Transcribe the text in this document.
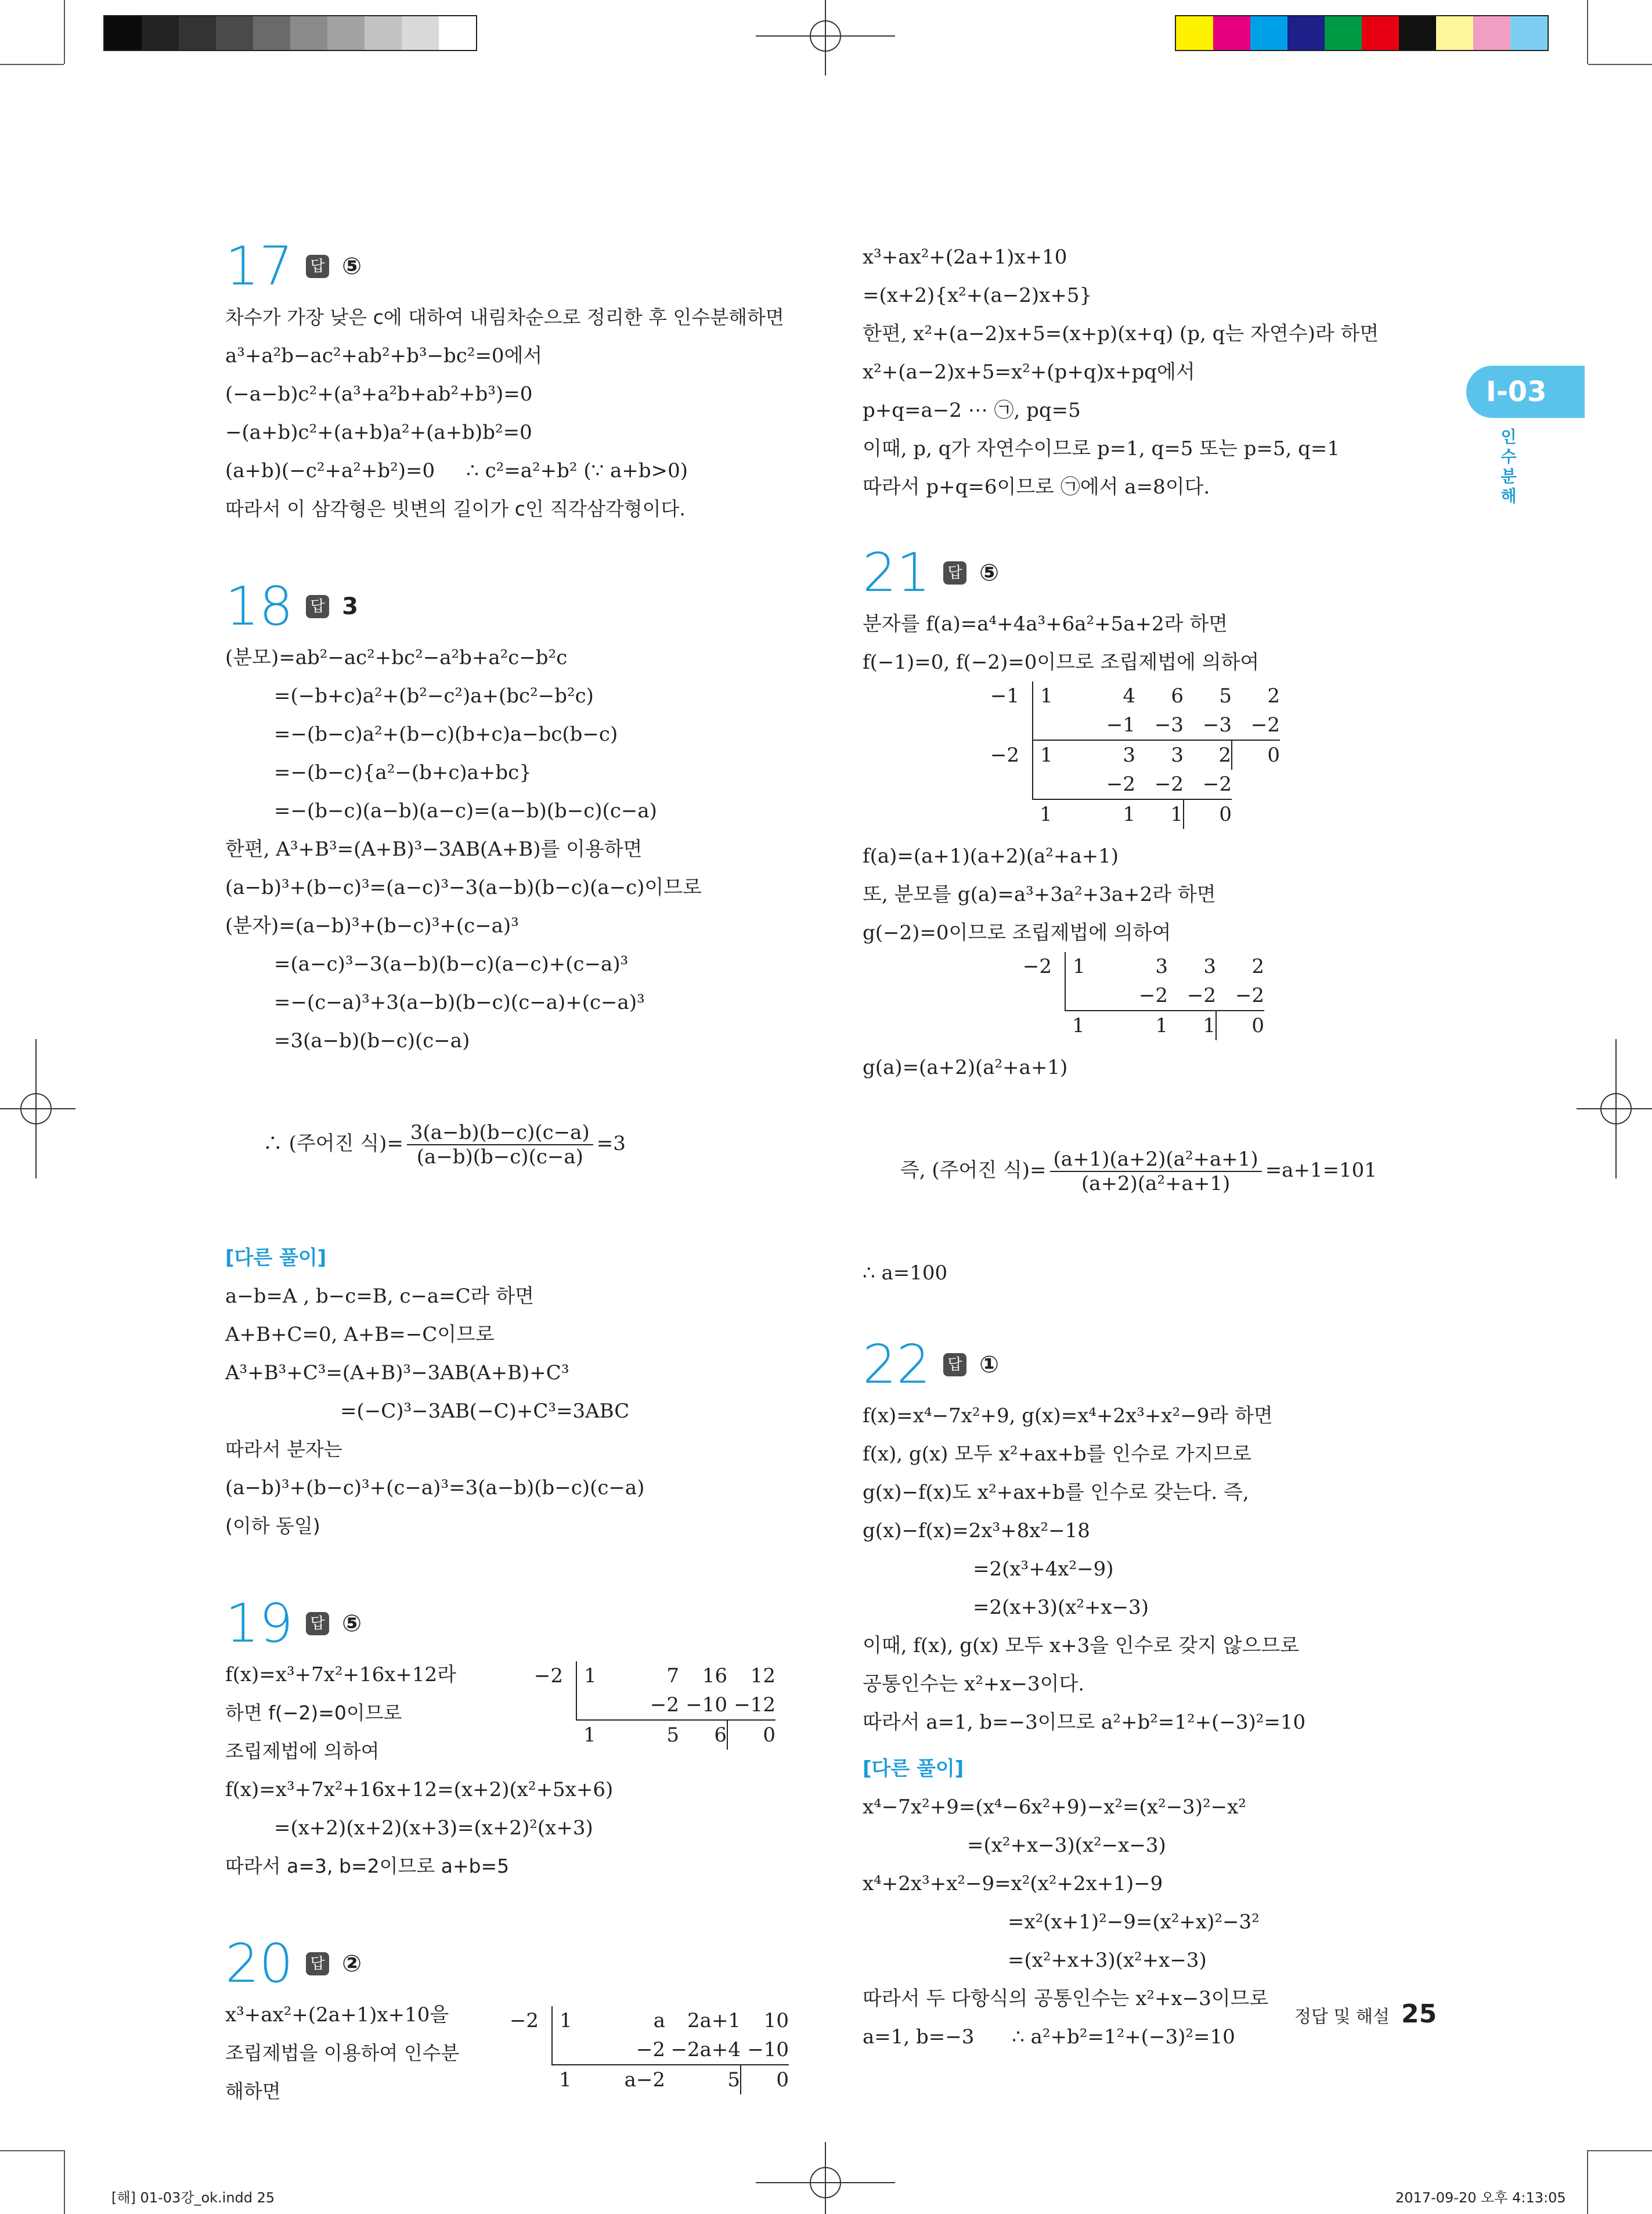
I-03
인수
분해
17 답 ⑤
차수가 가장 낮은 c에 대하여 내림차순으로 정리한 후 인수분해하면
a³+a²b−ac²+ab²+b³−bc²=0에서
(−a−b)c²+(a³+a²b+ab²+b³)=0
−(a+b)c²+(a+b)a²+(a+b)b²=0
(a+b)(−c²+a²+b²)=0     ∴ c²=a²+b² (∵ a+b>0)
따라서 이 삼각형은 빗변의 길이가 c인 직각삼각형이다.
18 답 3
(분모)=ab²−ac²+bc²−a²b+a²c−b²c
=(−b+c)a²+(b²−c²)a+(bc²−b²c)
=−(b−c)a²+(b−c)(b+c)a−bc(b−c)
=−(b−c){a²−(b+c)a+bc}
=−(b−c)(a−b)(a−c)=(a−b)(b−c)(c−a)
한편, A³+B³=(A+B)³−3AB(A+B)를 이용하면
(a−b)³+(b−c)³=(a−c)³−3(a−b)(b−c)(a−c)이므로
(분자)=(a−b)³+(b−c)³+(c−a)³
=(a−c)³−3(a−b)(b−c)(a−c)+(c−a)³
=−(c−a)³+3(a−b)(b−c)(c−a)+(c−a)³
=3(a−b)(b−c)(c−a)

∴ (주어진 식)= $\frac{3(a-b)(b-c)(c-a)}{(a-b)(b-c)(c-a)} =3$

[다른 풀이]
a−b=A , b−c=B, c−a=C라 하면
A+B+C=0, A+B=−C이므로
A³+B³+C³=(A+B)³−3AB(A+B)+C³
=(−C)³−3AB(−C)+C³=3ABC
따라서 분자는
(a−b)³+(b−c)³+(c−a)³=3(a−b)(b−c)(c−a)
(이하 동일)
19 답 ⑤
f(x)=x³+7x²+16x+12라
하면 f(−2)=0이므로
조립제법에 의하여
f(x)=x³+7x²+16x+12=(x+2)(x²+5x+6)
=(x+2)(x+2)(x+3)=(x+2)²(x+3)
따라서 a=3, b=2이므로 a+b=5
−2	1	7	16	12
		−2	−10	−12
	1	5	6	0
20 답 ②
x³+ax²+(2a+1)x+10을
조립제법을 이용하여 인수분
해하면
−2	1	a	2a+1	10
		−2	−2a+4	−10
	1	a−2	5	0
x³+ax²+(2a+1)x+10
=(x+2){x²+(a−2)x+5}
한편, x²+(a−2)x+5=(x+p)(x+q) (p, q는 자연수)라 하면
x²+(a−2)x+5=x²+(p+q)x+pq에서
p+q=a−2 ⋯ ㉠, pq=5
이때, p, q가 자연수이므로 p=1, q=5 또는 p=5, q=1
따라서 p+q=6이므로 ㉠에서 a=8이다.
21 답 ⑤
분자를 f(a)=a⁴+4a³+6a²+5a+2라 하면
f(−1)=0, f(−2)=0이므로 조립제법에 의하여
−1	1	4	6	5	2
		−1	−3	−3	−2
−2	1	3	3	2	0
		−2	−2	−2	
	1	1	1	0	
f(a)=(a+1)(a+2)(a²+a+1)
또, 분모를 g(a)=a³+3a²+3a+2라 하면
g(−2)=0이므로 조립제법에 의하여
−2	1	3	3	2
		−2	−2	−2
	1	1	1	0
g(a)=(a+2)(a²+a+1)

즉, (주어진 식)= $\frac{\text{(a+1)(a+2)(a²+a+1)}}{\text{(a+2)(a²+a+1)}} =a+1=101$

∴ a=100
22 답 ①
f(x)=x⁴−7x²+9, g(x)=x⁴+2x³+x²−9라 하면
f(x), g(x) 모두 x²+ax+b를 인수로 가지므로
g(x)−f(x)도 x²+ax+b를 인수로 갖는다. 즉,
g(x)−f(x)=2x³+8x²−18
=2(x³+4x²−9)
=2(x+3)(x²+x−3)
이때, f(x), g(x) 모두 x+3을 인수로 갖지 않으므로
공통인수는 x²+x−3이다.
따라서 a=1, b=−3이므로 a²+b²=1²+(−3)²=10
[다른 풀이]
x⁴−7x²+9=(x⁴−6x²+9)−x²=(x²−3)²−x²
=(x²+x−3)(x²−x−3)
x⁴+2x³+x²−9=x²(x²+2x+1)−9
=x²(x+1)²−9=(x²+x)²−3²
=(x²+x+3)(x²+x−3)
따라서 두 다항식의 공통인수는 x²+x−3이므로
a=1, b=−3      ∴ a²+b²=1²+(−3)²=10
정답 및 해설 25
[해] 01-03강_ok.indd 25	2017-09-20 오후 4:13:05
